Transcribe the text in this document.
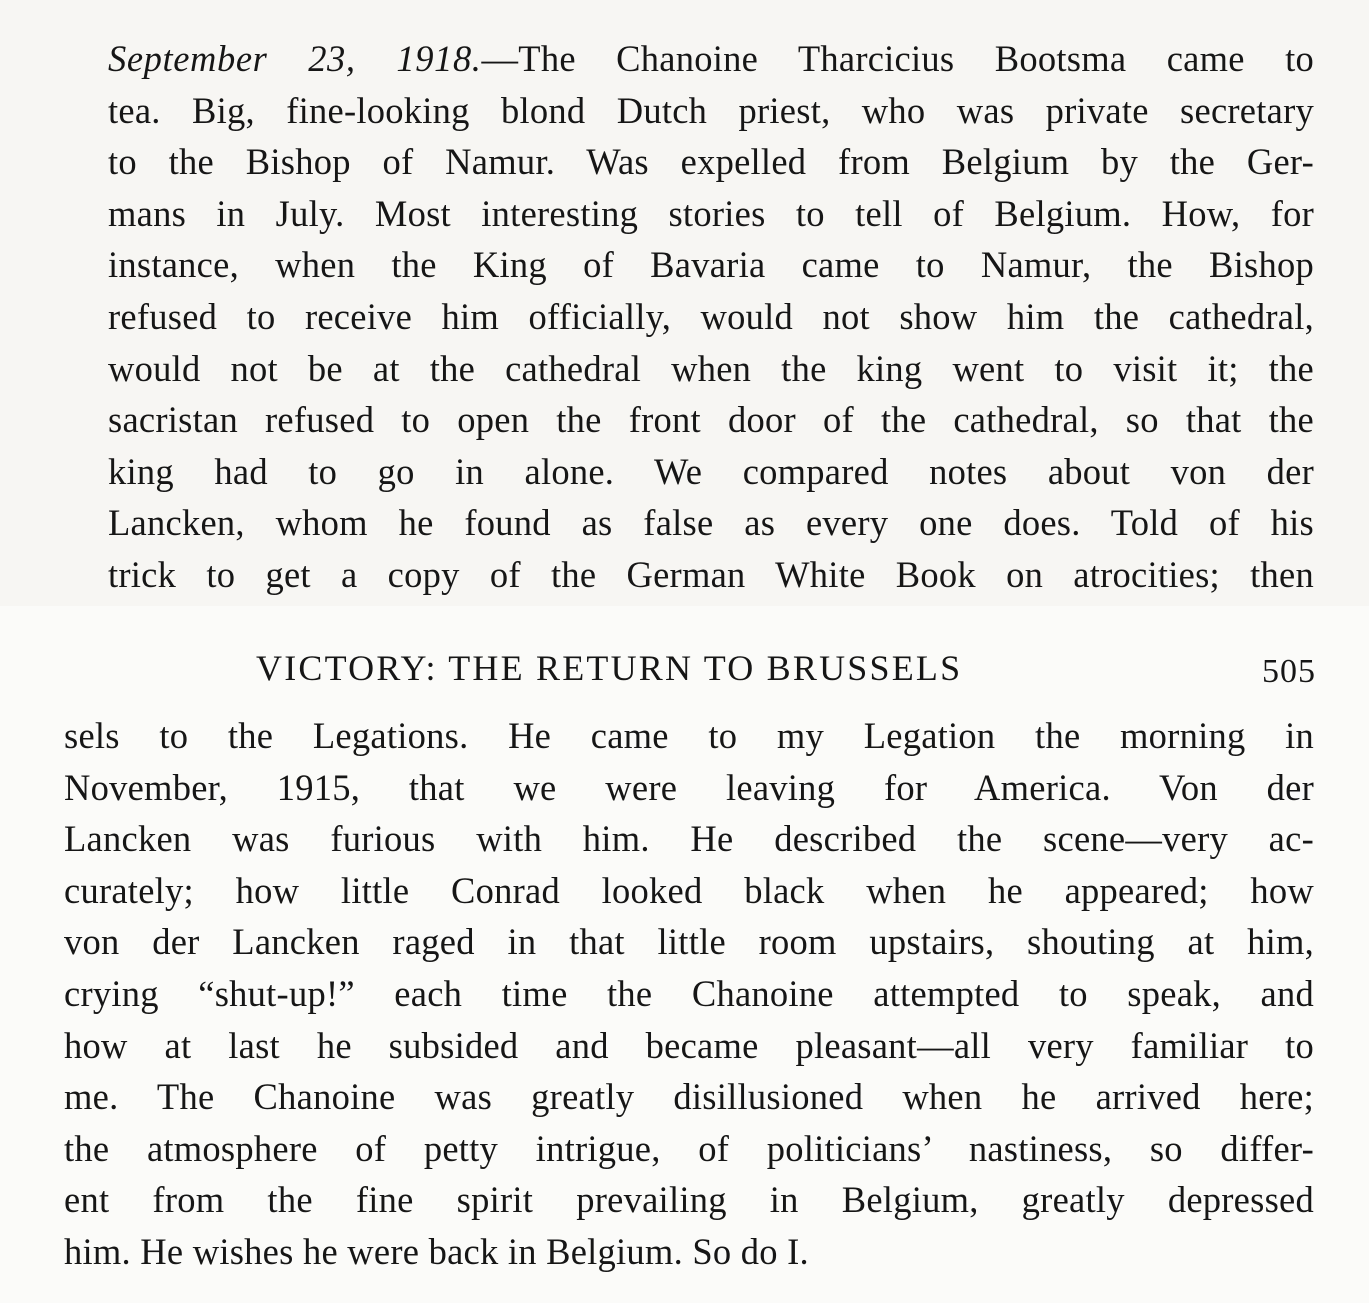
September 23, 1918.—The Chanoine Tharcicius Bootsma came to
tea. Big, fine-looking blond Dutch priest, who was private secretary
to the Bishop of Namur. Was expelled from Belgium by the Ger-
mans in July. Most interesting stories to tell of Belgium. How, for
instance, when the King of Bavaria came to Namur, the Bishop
refused to receive him officially, would not show him the cathedral,
would not be at the cathedral when the king went to visit it; the
sacristan refused to open the front door of the cathedral, so that the
king had to go in alone. We compared notes about von der
Lancken, whom he found as false as every one does. Told of his
trick to get a copy of the German White Book on atrocities; then
VICTORY: THE RETURN TO BRUSSELS	505
sels to the Legations. He came to my Legation the morning in
November, 1915, that we were leaving for America. Von der
Lancken was furious with him. He described the scene—very ac-
curately; how little Conrad looked black when he appeared; how
von der Lancken raged in that little room upstairs, shouting at him,
crying “shut-up!” each time the Chanoine attempted to speak, and
how at last he subsided and became pleasant—all very familiar to
me. The Chanoine was greatly disillusioned when he arrived here;
the atmosphere of petty intrigue, of politicians’ nastiness, so differ-
ent from the fine spirit prevailing in Belgium, greatly depressed
him. He wishes he were back in Belgium. So do I.
